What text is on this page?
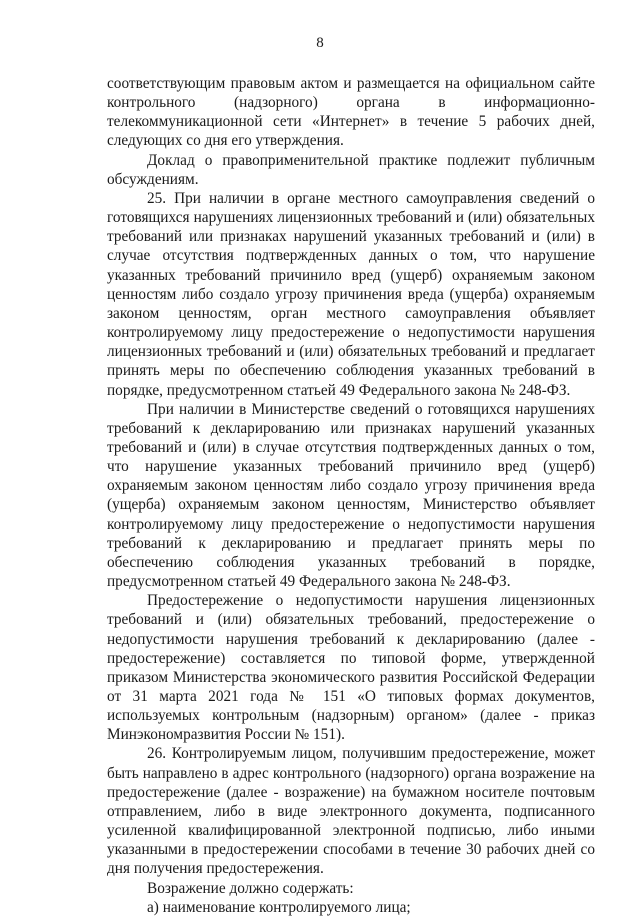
8

соответствующим правовым актом и размещается на официальном сайте контрольного (надзорного) органа в информационно-телекоммуникационной сети «Интернет» в течение 5 рабочих дней, следующих со дня его утверждения.

Доклад о правоприменительной практике подлежит публичным обсуждениям.

25. При наличии в органе местного самоуправления сведений о готовящихся нарушениях лицензионных требований и (или) обязательных требований или признаках нарушений указанных требований и (или) в случае отсутствия подтвержденных данных о том, что нарушение указанных требований причинило вред (ущерб) охраняемым законом ценностям либо создало угрозу причинения вреда (ущерба) охраняемым законом ценностям, орган местного самоуправления объявляет контролируемому лицу предостережение о недопустимости нарушения лицензионных требований и (или) обязательных требований и предлагает принять меры по обеспечению соблюдения указанных требований в порядке, предусмотренном статьей 49 Федерального закона № 248-ФЗ.

При наличии в Министерстве сведений о готовящихся нарушениях требований к декларированию или признаках нарушений указанных требований и (или) в случае отсутствия подтвержденных данных о том, что нарушение указанных требований причинило вред (ущерб) охраняемым законом ценностям либо создало угрозу причинения вреда (ущерба) охраняемым законом ценностям, Министерство объявляет контролируемому лицу предостережение о недопустимости нарушения требований к декларированию и предлагает принять меры по обеспечению соблюдения указанных требований в порядке, предусмотренном статьей 49 Федерального закона № 248-ФЗ.

Предостережение о недопустимости нарушения лицензионных требований и (или) обязательных требований, предостережение о недопустимости нарушения требований к декларированию (далее - предостережение) составляется по типовой форме, утвержденной приказом Министерства экономического развития Российской Федерации от 31 марта 2021 года № 151 «О типовых формах документов, используемых контрольным (надзорным) органом» (далее - приказ Минэкономразвития России № 151).

26. Контролируемым лицом, получившим предостережение, может быть направлено в адрес контрольного (надзорного) органа возражение на предостережение (далее - возражение) на бумажном носителе почтовым отправлением, либо в виде электронного документа, подписанного усиленной квалифицированной электронной подписью, либо иными указанными в предостережении способами в течение 30 рабочих дней со дня получения предостережения.

Возражение должно содержать:

а) наименование контролируемого лица;
